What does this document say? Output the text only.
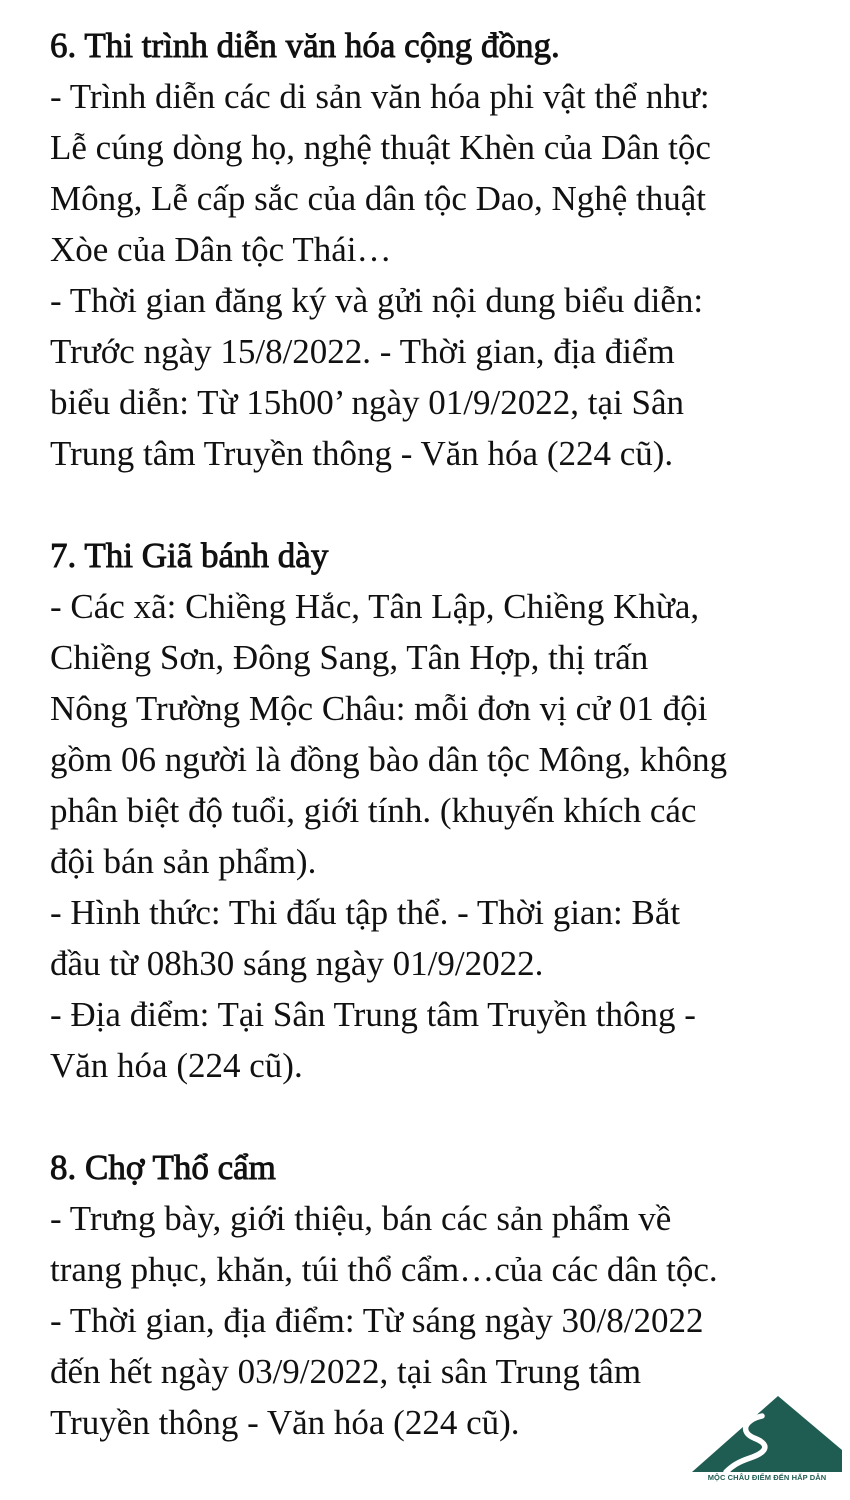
6. Thi trình diễn văn hóa cộng đồng.

- Trình diễn các di sản văn hóa phi vật thể như:

Lễ cúng dòng họ, nghệ thuật Khèn của Dân tộc

Mông, Lễ cấp sắc của dân tộc Dao, Nghệ thuật

Xòe của Dân tộc Thái…

- Thời gian đăng ký và gửi nội dung biểu diễn:

Trước ngày 15/8/2022. - Thời gian, địa điểm

biểu diễn: Từ 15h00’ ngày 01/9/2022, tại Sân

Trung tâm Truyền thông - Văn hóa (224 cũ).

7. Thi Giã bánh dày

- Các xã: Chiềng Hắc, Tân Lập, Chiềng Khừa,

Chiềng Sơn, Đông Sang, Tân Hợp, thị trấn

Nông Trường Mộc Châu: mỗi đơn vị cử 01 đội

gồm 06 người là đồng bào dân tộc Mông, không

phân biệt độ tuổi, giới tính. (khuyến khích các

đội bán sản phẩm).

- Hình thức: Thi đấu tập thể. - Thời gian: Bắt

đầu từ 08h30 sáng ngày 01/9/2022.

- Địa điểm: Tại Sân Trung tâm Truyền thông -

Văn hóa (224 cũ).

8. Chợ Thổ cẩm

- Trưng bày, giới thiệu, bán các sản phẩm về

trang phục, khăn, túi thổ cẩm…của các dân tộc.

- Thời gian, địa điểm: Từ sáng ngày 30/8/2022

đến hết ngày 03/9/2022, tại sân Trung tâm

Truyền thông - Văn hóa (224 cũ).

MỘC CHÂU ĐIỂM ĐẾN HẤP DẪN
